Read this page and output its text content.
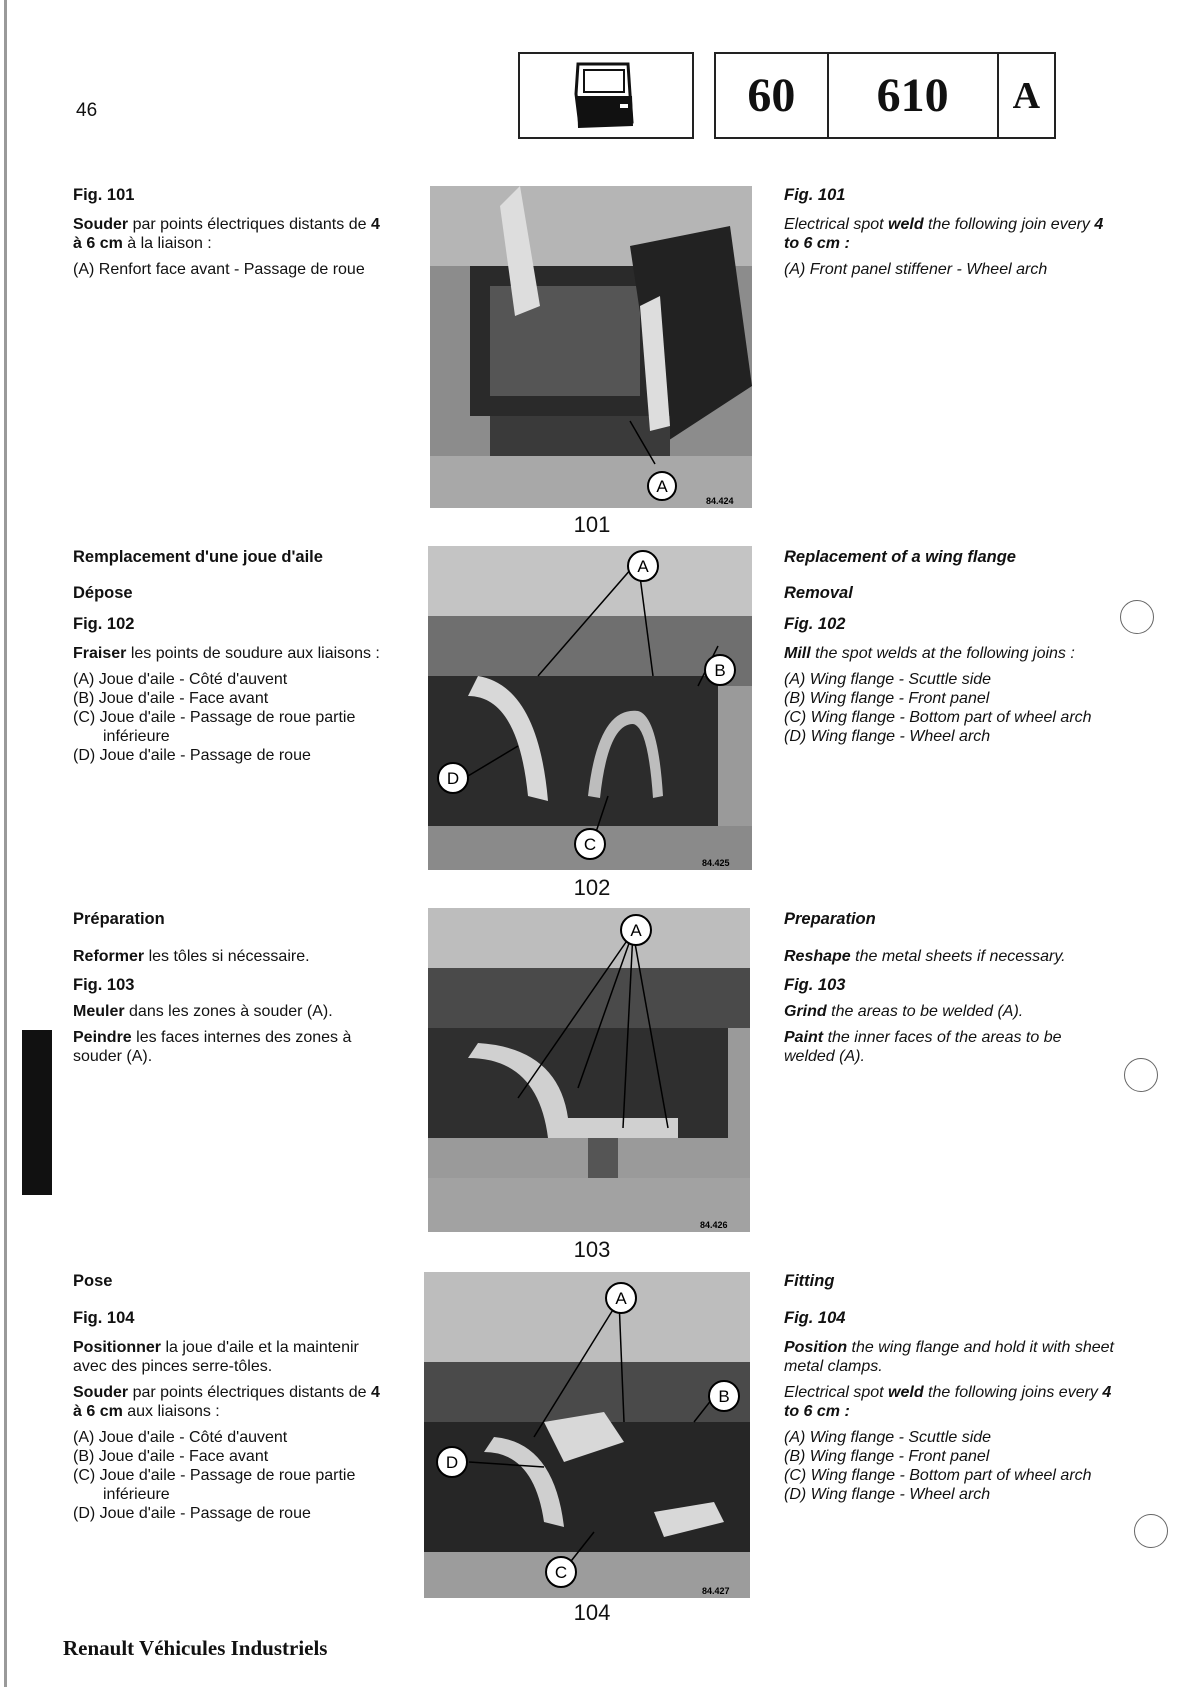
46	60	610	A

Fig. 101

Souder par points électriques distants de 4 à 6 cm à la liaison :

(A) Renfort face avant - Passage de roue
A
84.424
101

Fig. 101

Electrical spot weld the following join every 4 to 6 cm :

(A) Front panel stiffener - Wheel arch

Remplacement d'une joue d'aile

Dépose

Fig. 102

Fraiser les points de soudure aux liaisons :

(A) Joue d'aile - Côté d'auvent
(B) Joue d'aile - Face avant
(C) Joue d'aile - Passage de roue partie inférieure
(D) Joue d'aile - Passage de roue
A
B
C
D
84.425
102

Replacement of a wing flange

Removal

Fig. 102

Mill the spot welds at the following joins :

(A) Wing flange - Scuttle side
(B) Wing flange - Front panel
(C) Wing flange - Bottom part of wheel arch
(D) Wing flange - Wheel arch

Préparation

Reformer les tôles si nécessaire.

Fig. 103

Meuler dans les zones à souder (A).

Peindre les faces internes des zones à souder (A).

A
84.426
103

Preparation

Reshape the metal sheets if necessary.

Fig. 103

Grind the areas to be welded (A).

Paint the inner faces of the areas to be welded (A).

Pose

Fig. 104

Positionner la joue d'aile et la maintenir avec des pinces serre-tôles.

Souder par points électriques distants de 4 à 6 cm aux liaisons :

(A) Joue d'aile - Côté d'auvent
(B) Joue d'aile - Face avant
(C) Joue d'aile - Passage de roue partie inférieure
(D) Joue d'aile - Passage de roue
A
B
C
D
84.427
104

Fitting

Fig. 104

Position the wing flange and hold it with sheet metal clamps.

Electrical spot weld the following joins every 4 to 6 cm :

(A) Wing flange - Scuttle side
(B) Wing flange - Front panel
(C) Wing flange - Bottom part of wheel arch
(D) Wing flange - Wheel arch
Renault Véhicules Industriels
